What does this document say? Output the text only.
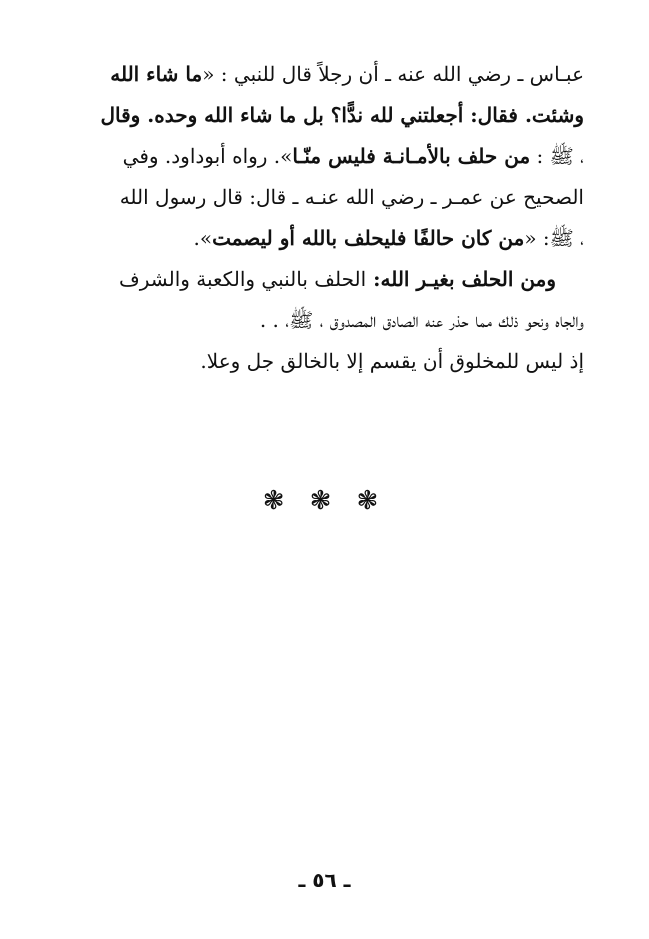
عبـاس ـ رضي الله عنه ـ أن رجلاً قال للنبي : «ما شاء الله
وشئت. فقال: أجعلتني لله ندًّا؟ بل ما شاء الله وحده. وقال
، ﷺ : من حلف بالأمـانـة فليس منّـا». رواه أبوداود. وفي
الصحيح عن عمـر ـ رضي الله عنـه ـ قال: قال رسول الله
، ﷺ: «من كان حالفًا فليحلف بالله أو ليصمت».
ومن الحلف بغيـر الله: الحلف بالنبي والكعبة والشرف
والجاه ونحو ذلك مما حذر عنه الصادق المصدوق ، ﷺ، . .
إذ ليس للمخلوق أن يقسم إلا بالخالق جل وعلا.
❃ ❃ ❃
ـ ٥٦ ـ
